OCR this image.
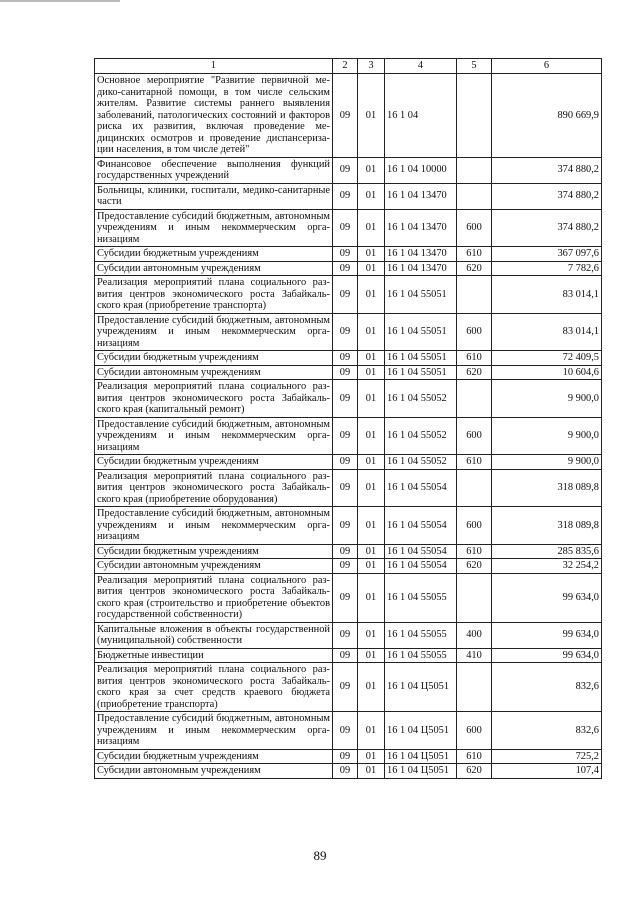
1	2	3	4	5	6
Основное мероприятие "Развитие первичной медико-санитарной помощи, в том числе сельским жителям. Развитие системы раннего выявления заболеваний, патологических состояний и факторов риска их развития, включая проведение медицинских осмотров и проведение диспансеризации населения, в том числе детей"	09	01	16 1 04		890 669,9
Финансовое обеспечение выполнения функций государственных учреждений	09	01	16 1 04 10000		374 880,2
Больницы, клиники, госпитали, медико-санитарные части	09	01	16 1 04 13470		374 880,2
Предоставление субсидий бюджетным, автономным учреждениям и иным некоммерческим организациям	09	01	16 1 04 13470	600	374 880,2
Субсидии бюджетным учреждениям	09	01	16 1 04 13470	610	367 097,6
Субсидии автономным учреждениям	09	01	16 1 04 13470	620	7 782,6
Реализация мероприятий плана социального развития центров экономического роста Забайкальского края (приобретение транспорта)	09	01	16 1 04 55051		83 014,1
Предоставление субсидий бюджетным, автономным учреждениям и иным некоммерческим организациям	09	01	16 1 04 55051	600	83 014,1
Субсидии бюджетным учреждениям	09	01	16 1 04 55051	610	72 409,5
Субсидии автономным учреждениям	09	01	16 1 04 55051	620	10 604,6
Реализация мероприятий плана социального развития центров экономического роста Забайкальского края (капитальный ремонт)	09	01	16 1 04 55052		9 900,0
Предоставление субсидий бюджетным, автономным учреждениям и иным некоммерческим организациям	09	01	16 1 04 55052	600	9 900,0
Субсидии бюджетным учреждениям	09	01	16 1 04 55052	610	9 900,0
Реализация мероприятий плана социального развития центров экономического роста Забайкальского края (приобретение оборудования)	09	01	16 1 04 55054		318 089,8
Предоставление субсидий бюджетным, автономным учреждениям и иным некоммерческим организациям	09	01	16 1 04 55054	600	318 089,8
Субсидии бюджетным учреждениям	09	01	16 1 04 55054	610	285 835,6
Субсидии автономным учреждениям	09	01	16 1 04 55054	620	32 254,2
Реализация мероприятий плана социального развития центров экономического роста Забайкальского края (строительство и приобретение объектов государственной собственности)	09	01	16 1 04 55055		99 634,0
Капитальные вложения в объекты государственной (муниципальной) собственности	09	01	16 1 04 55055	400	99 634,0
Бюджетные инвестиции	09	01	16 1 04 55055	410	99 634,0
Реализация мероприятий плана социального развития центров экономического роста Забайкальского края за счет средств краевого бюджета (приобретение транспорта)	09	01	16 1 04 Ц5051		832,6
Предоставление субсидий бюджетным, автономным учреждениям и иным некоммерческим организациям	09	01	16 1 04 Ц5051	600	832,6
Субсидии бюджетным учреждениям	09	01	16 1 04 Ц5051	610	725,2
Субсидии автономным учреждениям	09	01	16 1 04 Ц5051	620	107,4
89
